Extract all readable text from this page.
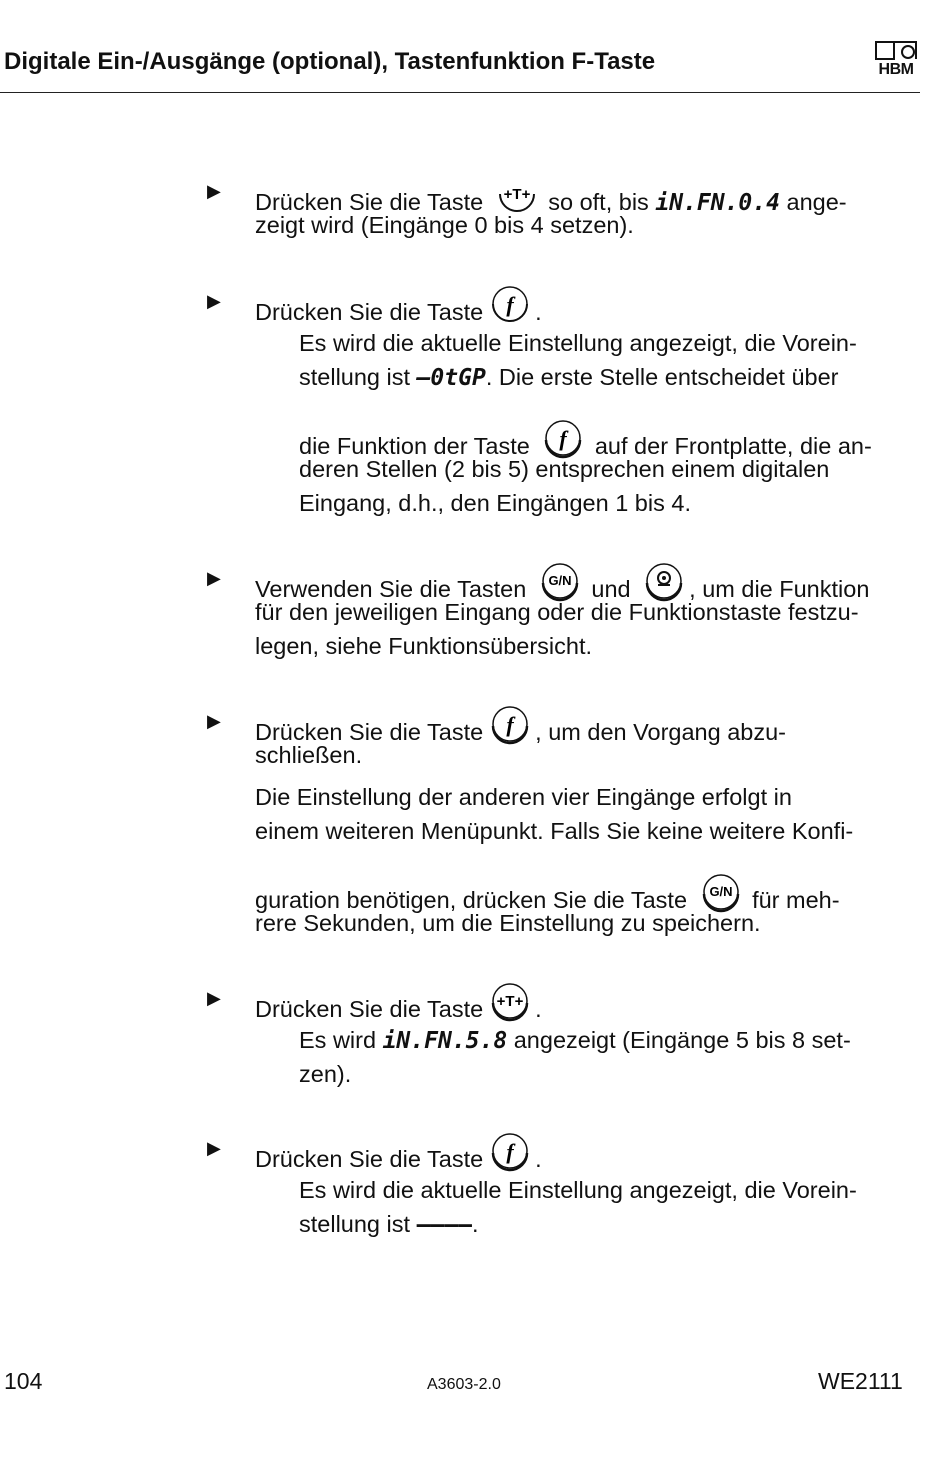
Digitale Ein-/Ausgänge (optional), Tastenfunktion F-Taste	HBM
▶ Drücken Sie die Taste +T+ so oft, bis iN.FN.0.4 ange-
zeigt wird (Eingänge 0 bis 4 setzen).
▶ Drücken Sie die Taste f .
Es wird die aktuelle Einstellung angezeigt, die Vorein-
stellung ist –0tGP. Die erste Stelle entscheidet über
die Funktion der Taste f auf der Frontplatte, die an-
deren Stellen (2 bis 5) entsprechen einem digitalen
Eingang, d.h., den Eingängen 1 bis 4.
▶ Verwenden Sie die Tasten G/N und , um die Funktion
für den jeweiligen Eingang oder die Funktionstaste festzu-
legen, siehe Funktionsübersicht.
▶ Drücken Sie die Taste f , um den Vorgang abzu-
schließen.
Die Einstellung der anderen vier Eingänge erfolgt in
einem weiteren Menüpunkt. Falls Sie keine weitere Konfi-
guration benötigen, drücken Sie die Taste G/N für meh-
rere Sekunden, um die Einstellung zu speichern.
▶ Drücken Sie die Taste +T+ .
Es wird iN.FN.5.8 angezeigt (Eingänge 5 bis 8 set-
zen).
▶ Drücken Sie die Taste f .
Es wird die aktuelle Einstellung angezeigt, die Vorein-
stellung ist ––––.
104	A3603-2.0	WE2111
